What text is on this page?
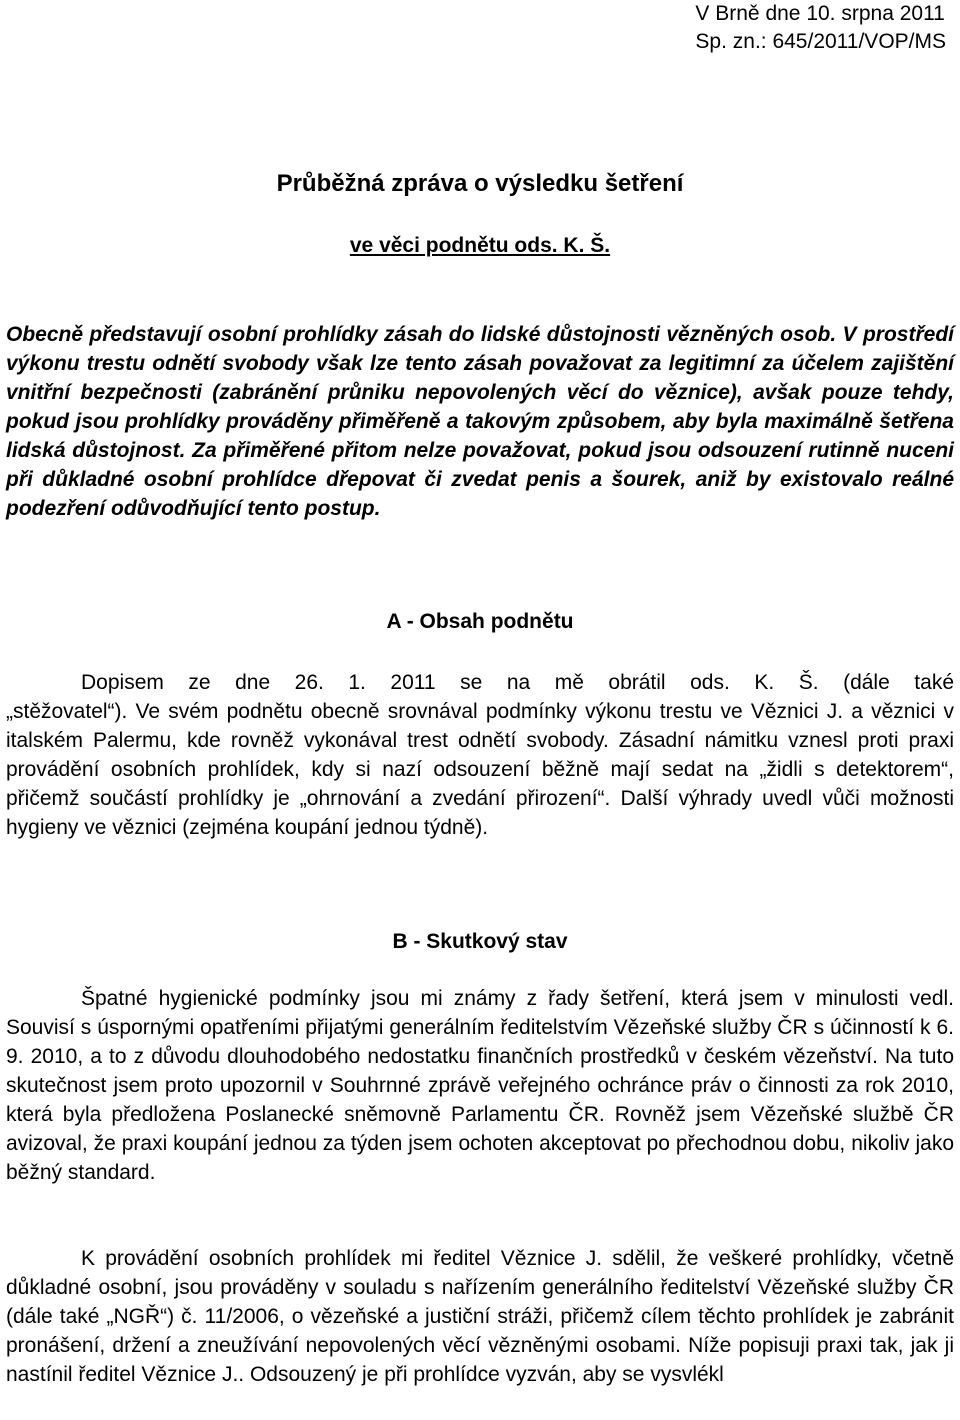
V Brně dne 10. srpna 2011
Sp. zn.: 645/2011/VOP/MS
Průběžná zpráva o výsledku šetření
ve věci podnětu ods. K. Š.

Obecně představují osobní prohlídky zásah do lidské důstojnosti vězněných osob. V prostředí výkonu trestu odnětí svobody však lze tento zásah považovat za legitimní za účelem zajištění vnitřní bezpečnosti (zabránění průniku nepovolených věcí do věznice), avšak pouze tehdy, pokud jsou prohlídky prováděny přiměřeně a takovým způsobem, aby byla maximálně šetřena lidská důstojnost. Za přiměřené přitom nelze považovat, pokud jsou odsouzení rutinně nuceni při důkladné osobní prohlídce dřepovat či zvedat penis a šourek, aniž by existovalo reálné podezření odůvodňující tento postup.

A - Obsah podnětu
Dopisem ze dne 26. 1. 2011 se na mě obrátil ods. K. Š. (dále také
„stěžovatel“). Ve svém podnětu obecně srovnával podmínky výkonu trestu ve Věznici J. a věznici v italském Palermu, kde rovněž vykonával trest odnětí svobody. Zásadní námitku vznesl proti praxi provádění osobních prohlídek, kdy si nazí odsouzení běžně mají sedat na „židli s detektorem“, přičemž součástí prohlídky je „ohrnování a zvedání přirození“. Další výhrady uvedl vůči možnosti hygieny ve věznici (zejména koupání jednou týdně).
B - Skutkový stav

Špatné hygienické podmínky jsou mi známy z řady šetření, která jsem v minulosti vedl. Souvisí s úspornými opatřeními přijatými generálním ředitelstvím Vězeňské služby ČR s účinností k 6. 9. 2010, a to z důvodu dlouhodobého nedostatku finančních prostředků v českém vězeňství. Na tuto skutečnost jsem proto upozornil v Souhrnné zprávě veřejného ochránce práv o činnosti za rok 2010, která byla předložena Poslanecké sněmovně Parlamentu ČR. Rovněž jsem Vězeňské službě ČR avizoval, že praxi koupání jednou za týden jsem ochoten akceptovat po přechodnou dobu, nikoliv jako běžný standard.

K provádění osobních prohlídek mi ředitel Věznice J. sdělil, že veškeré prohlídky, včetně důkladné osobní, jsou prováděny v souladu s nařízením generálního ředitelství Vězeňské služby ČR (dále také „NGŘ“) č. 11/2006, o vězeňské a justiční stráži, přičemž cílem těchto prohlídek je zabránit pronášení, držení a zneužívání nepovolených věcí vězněnými osobami. Níže popisuji praxi tak, jak ji nastínil ředitel Věznice J.. Odsouzený je při prohlídce vyzván, aby se vysvlékl
